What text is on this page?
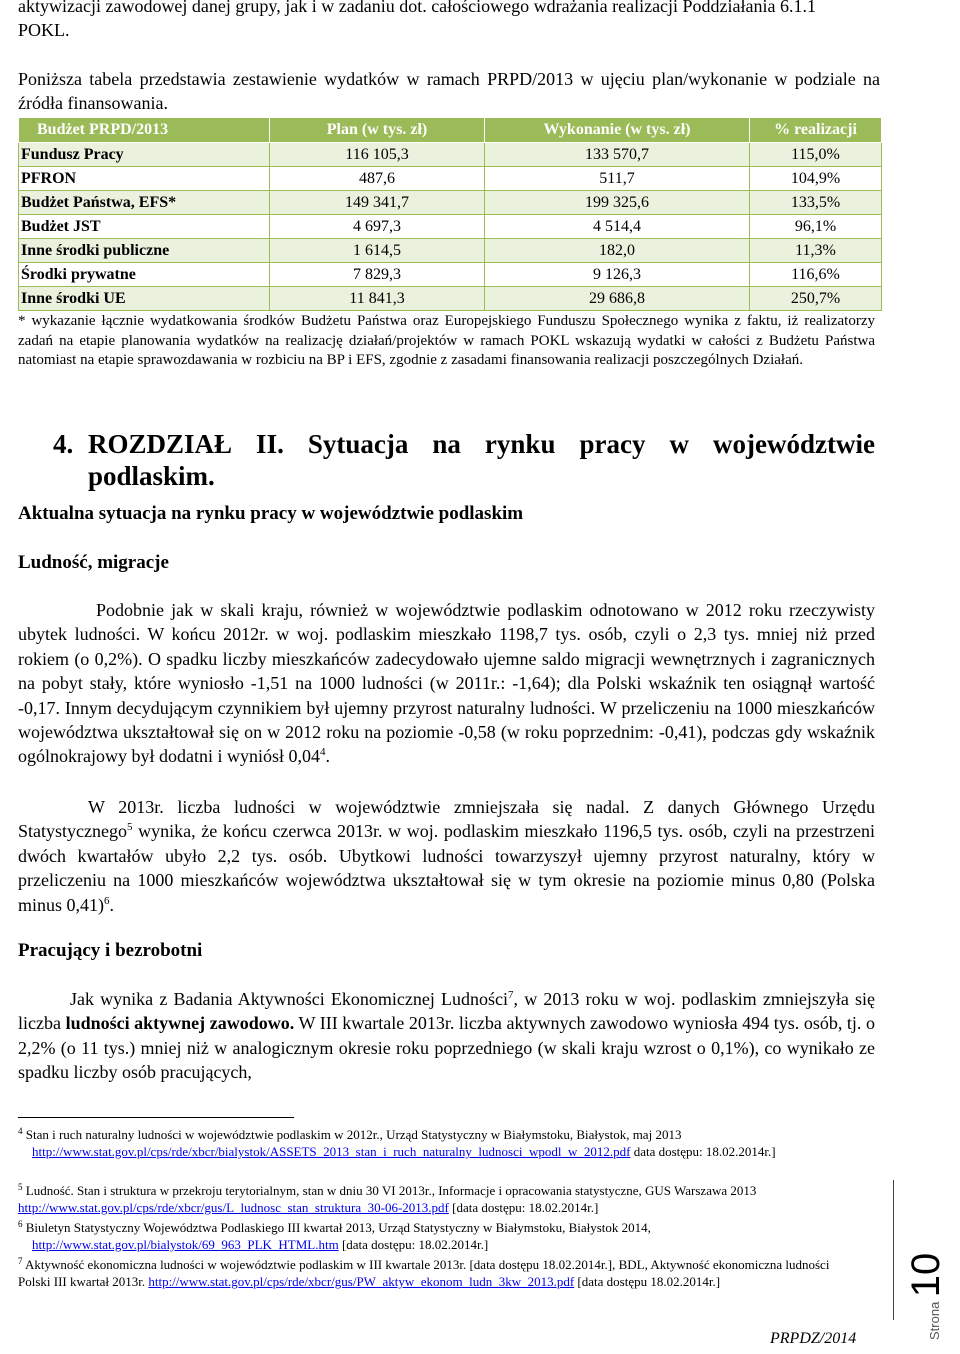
aktywizacji zawodowej danej grupy, jak i w zadaniu dot. całościowego wdrażania realizacji Poddziałania 6.1.1
POKL.
Poniższa tabela przedstawia zestawienie wydatków w ramach PRPD/2013 w ujęciu plan/wykonanie w podziale na źródła finansowania.
Budżet PRPD/2013	Plan (w tys. zł)	Wykonanie (w tys. zł)	% realizacji
Fundusz Pracy	116 105,3	133 570,7	115,0%
PFRON	487,6	511,7	104,9%
Budżet Państwa, EFS*	149 341,7	199 325,6	133,5%
Budżet JST	4 697,3	4 514,4	96,1%
Inne środki publiczne	1 614,5	182,0	11,3%
Środki prywatne	7 829,3	9 126,3	116,6%
Inne środki UE	11 841,3	29 686,8	250,7%
* wykazanie łącznie wydatkowania środków Budżetu Państwa oraz Europejskiego Funduszu Społecznego wynika z faktu, iż realizatorzy zadań na etapie planowania wydatków na realizację działań/projektów w ramach POKL wskazują wydatki w całości z Budżetu Państwa natomiast na etapie sprawozdawania w rozbiciu na BP i EFS, zgodnie z zasadami finansowania realizacji poszczególnych Działań.
4. ROZDZIAŁ II. Sytuacja na rynku pracy w województwie
podlaskim.
Aktualna sytuacja na rynku pracy w województwie podlaskim
Ludność, migracje
Podobnie jak w skali kraju, również w województwie podlaskim odnotowano w 2012 roku rzeczywisty ubytek ludności. W końcu 2012r. w woj. podlaskim mieszkało 1198,7 tys. osób, czyli o 2,3 tys. mniej niż przed rokiem (o 0,2%). O spadku liczby mieszkańców zadecydowało ujemne saldo migracji wewnętrznych i zagranicznych na pobyt stały, które wyniosło -1,51 na 1000 ludności (w 2011r.: -1,64); dla Polski wskaźnik ten osiągnął wartość -0,17. Innym decydującym czynnikiem był ujemny przyrost naturalny ludności. W przeliczeniu na 1000 mieszkańców województwa ukształtował się on w 2012 roku na poziomie -0,58 (w roku poprzednim: -0,41), podczas gdy wskaźnik ogólnokrajowy był dodatni i wyniósł 0,04$^4$.
W 2013r. liczba ludności w województwie zmniejszała się nadal. Z danych Głównego Urzędu Statystycznego$^5$ wynika, że końcu czerwca 2013r. w woj. podlaskim mieszkało 1196,5 tys. osób, czyli na przestrzeni dwóch kwartałów ubyło 2,2 tys. osób. Ubytkowi ludności towarzyszył ujemny przyrost naturalny, który w przeliczeniu na 1000 mieszkańców województwa ukształtował się w tym okresie na poziomie minus 0,80 (Polska minus 0,41)$^6$.
Pracujący i bezrobotni
Jak wynika z Badania Aktywności Ekonomicznej Ludności$^7$, w 2013 roku w woj. podlaskim zmniejszyła się liczba ludności aktywnej zawodowo. W III kwartale 2013r. liczba aktywnych zawodowo wyniosła 494 tys. osób, tj. o 2,2% (o 11 tys.) mniej niż w analogicznym okresie roku poprzedniego (w skali kraju wzrost o 0,1%), co wynikało ze spadku liczby osób pracujących,
$^4$ Stan i ruch naturalny ludności w województwie podlaskim w 2012r., Urząd Statystyczny w Białymstoku, Białystok, maj 2013
http://www.stat.gov.pl/cps/rde/xbcr/bialystok/ASSETS_2013_stan_i_ruch_naturalny_ludnosci_wpodl_w_2012.pdf data dostępu: 18.02.2014r.]
$^5$ Ludność. Stan i struktura w przekroju terytorialnym, stan w dniu 30 VI 2013r., Informacje i opracowania statystyczne, GUS Warszawa 2013 http://www.stat.gov.pl/cps/rde/xbcr/gus/L_ludnosc_stan_struktura_30-06-2013.pdf [data dostępu: 18.02.2014r.]
$^6$ Biuletyn Statystyczny Województwa Podlaskiego III kwartał 2013, Urząd Statystyczny w Białymstoku, Białystok 2014,
http://www.stat.gov.pl/bialystok/69_963_PLK_HTML.htm [data dostępu: 18.02.2014r.]
$^7$ Aktywność ekonomiczna ludności w województwie podlaskim w III kwartale 2013r. [data dostępu 18.02.2014r.], BDL, Aktywność ekonomiczna ludności Polski III kwartał 2013r. http://www.stat.gov.pl/cps/rde/xbcr/gus/PW_aktyw_ekonom_ludn_3kw_2013.pdf [data dostępu 18.02.2014r.]
PRPDZ/2014	Strona 10
